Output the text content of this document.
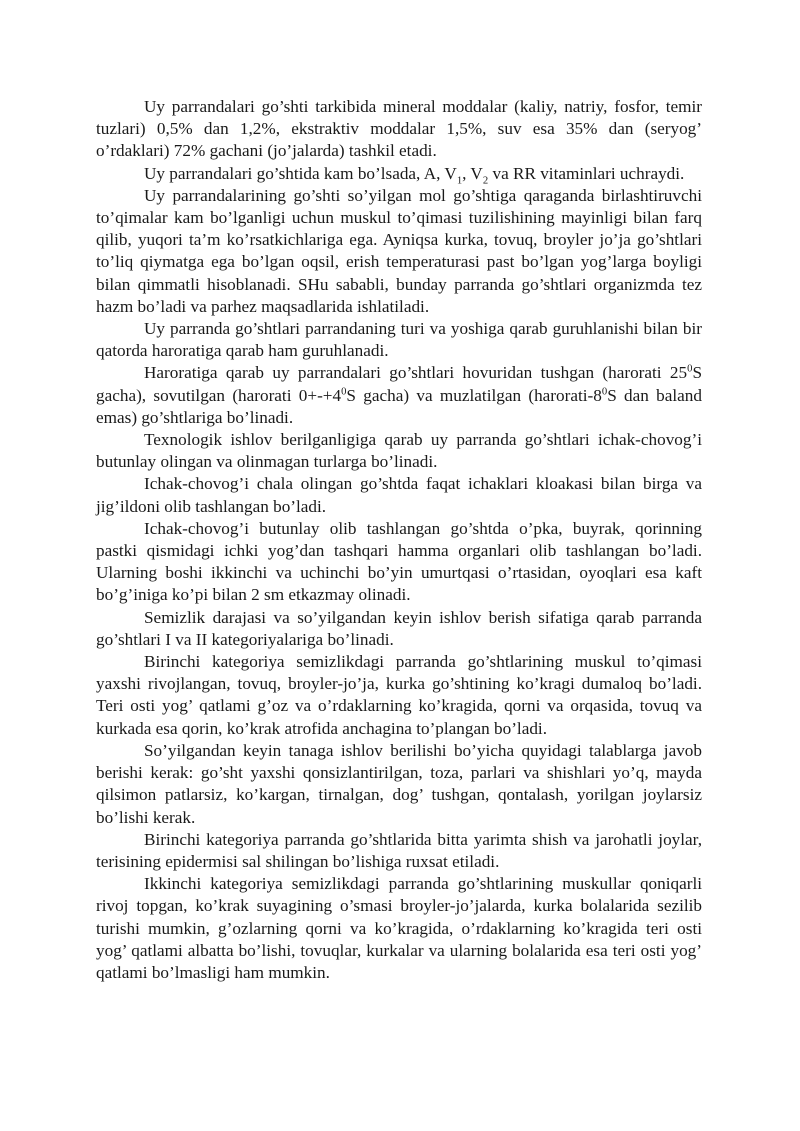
Uy parrandalari go’shti tarkibida mineral moddalar (kaliy, natriy, fosfor, temir tuzlari) 0,5% dan 1,2%, ekstraktiv moddalar 1,5%, suv esa 35% dan (seryog’ o’rdaklari) 72% gachani (jo’jalarda) tashkil etadi.

Uy parrandalari go’shtida kam bo’lsada, A, $V_1$, $V_2$ va RR vitaminlari uchraydi.

Uy parrandalarining go’shti so’yilgan mol go’shtiga qaraganda birlashtiruvchi to’qimalar kam bo’lganligi uchun muskul to’qimasi tuzilishining mayinligi bilan farq qilib, yuqori ta’m ko’rsatkichlariga ega. Ayniqsa kurka, tovuq, broyler jo’ja go’shtlari to’liq qiymatga ega bo’lgan oqsil, erish temperaturasi past bo’lgan yog’larga boyligi bilan qimmatli hisoblanadi. SHu sababli, bunday parranda go’shtlari organizmda tez hazm bo’ladi va parhez maqsadlarida ishlatiladi.

Uy parranda go’shtlari parrandaning turi va yoshiga qarab guruhlanishi bilan bir qatorda haroratiga qarab ham guruhlanadi.

Haroratiga qarab uy parrandalari go’shtlari hovuridan tushgan (harorati $25^0S$ gacha), sovutilgan (harorati $0+-+4^0S$ gacha) va muzlatilgan ($harorati-8^0S$ dan baland emas) go’shtlariga bo’linadi.

Texnologik ishlov berilganligiga qarab uy parranda go’shtlari ichak-chovog’i butunlay olingan va olinmagan turlarga bo’linadi.

Ichak-chovog’i chala olingan go’shtda faqat ichaklari kloakasi bilan birga va jig’ildoni olib tashlangan bo’ladi.

Ichak-chovog’i butunlay olib tashlangan go’shtda o’pka, buyrak, qorinning pastki qismidagi ichki yog’dan tashqari hamma organlari olib tashlangan bo’ladi. Ularning boshi ikkinchi va uchinchi bo’yin umurtqasi o’rtasidan, oyoqlari esa kaft bo’g’iniga ko’pi bilan 2 sm etkazmay olinadi.

Semizlik darajasi va so’yilgandan keyin ishlov berish sifatiga qarab parranda go’shtlari I va II kategoriyalariga bo’linadi.

Birinchi kategoriya semizlikdagi parranda go’shtlarining muskul to’qimasi yaxshi rivojlangan, tovuq, broyler-jo’ja, kurka go’shtining ko’kragi dumaloq bo’ladi. Teri osti yog’ qatlami g’oz va o’rdaklarning ko’kragida, qorni va orqasida, tovuq va kurkada esa qorin, ko’krak atrofida anchagina to’plangan bo’ladi.

So’yilgandan keyin tanaga ishlov berilishi bo’yicha quyidagi talablarga javob berishi kerak: go’sht yaxshi qonsizlantirilgan, toza, parlari va shishlari yo’q, mayda qilsimon patlarsiz, ko’kargan, tirnalgan, dog’ tushgan, qontalash, yorilgan joylarsiz bo’lishi kerak.

Birinchi kategoriya parranda go’shtlarida bitta yarimta shish va jarohatli joylar, terisining epidermisi sal shilingan bo’lishiga ruxsat etiladi.

Ikkinchi kategoriya semizlikdagi parranda go’shtlarining muskullar qoniqarli rivoj topgan, ko’krak suyagining o’smasi broyler-jo’jalarda, kurka bolalarida sezilib turishi mumkin, g’ozlarning qorni va ko’kragida, o’rdaklarning ko’kragida teri osti yog’ qatlami albatta bo’lishi, tovuqlar, kurkalar va ularning bolalarida esa teri osti yog’ qatlami bo’lmasligi ham mumkin.
